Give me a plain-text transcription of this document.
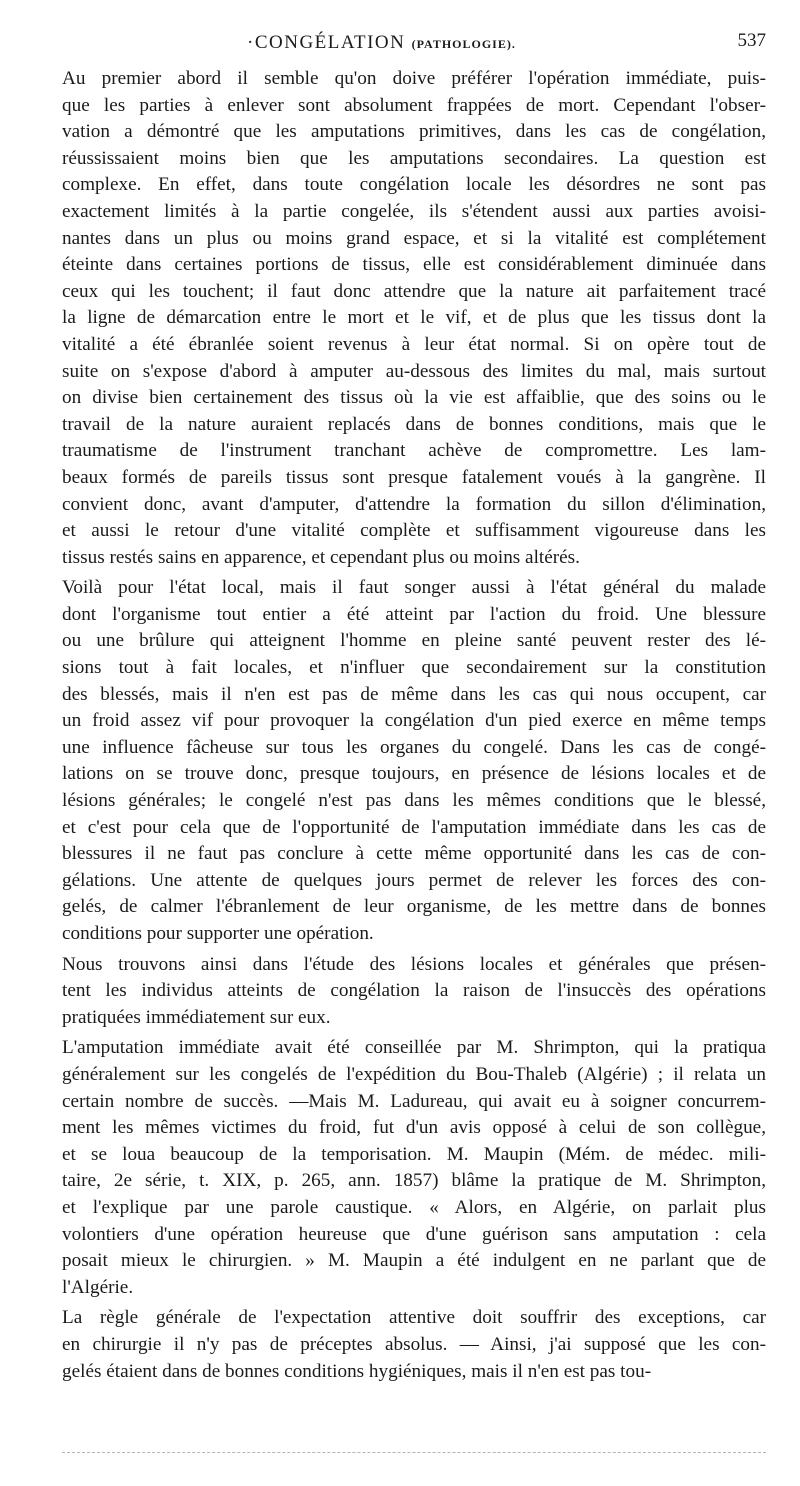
·CONGÉLATION (PATHOLOGIE).	537

Au premier abord il semble qu'on doive préférer l'opération immédiate, puis-
que les parties à enlever sont absolument frappées de mort. Cependant l'obser-
vation a démontré que les amputations primitives, dans les cas de congélation,
réussissaient moins bien que les amputations secondaires. La question est
complexe. En effet, dans toute congélation locale les désordres ne sont pas
exactement limités à la partie congelée, ils s'étendent aussi aux parties avoisi-
nantes dans un plus ou moins grand espace, et si la vitalité est complétement
éteinte dans certaines portions de tissus, elle est considérablement diminuée dans
ceux qui les touchent; il faut donc attendre que la nature ait parfaitement tracé
la ligne de démarcation entre le mort et le vif, et de plus que les tissus dont la
vitalité a été ébranlée soient revenus à leur état normal. Si on opère tout de
suite on s'expose d'abord à amputer au-dessous des limites du mal, mais surtout
on divise bien certainement des tissus où la vie est affaiblie, que des soins ou le
travail de la nature auraient replacés dans de bonnes conditions, mais que le
traumatisme de l'instrument tranchant achève de compromettre. Les lam-
beaux formés de pareils tissus sont presque fatalement voués à la gangrène. Il
convient donc, avant d'amputer, d'attendre la formation du sillon d'élimination,
et aussi le retour d'une vitalité complète et suffisamment vigoureuse dans les
tissus restés sains en apparence, et cependant plus ou moins altérés.

Voilà pour l'état local, mais il faut songer aussi à l'état général du malade
dont l'organisme tout entier a été atteint par l'action du froid. Une blessure
ou une brûlure qui atteignent l'homme en pleine santé peuvent rester des lé-
sions tout à fait locales, et n'influer que secondairement sur la constitution
des blessés, mais il n'en est pas de même dans les cas qui nous occupent, car
un froid assez vif pour provoquer la congélation d'un pied exerce en même temps
une influence fâcheuse sur tous les organes du congelé. Dans les cas de congé-
lations on se trouve donc, presque toujours, en présence de lésions locales et de
lésions générales; le congelé n'est pas dans les mêmes conditions que le blessé,
et c'est pour cela que de l'opportunité de l'amputation immédiate dans les cas de
blessures il ne faut pas conclure à cette même opportunité dans les cas de con-
gélations. Une attente de quelques jours permet de relever les forces des con-
gelés, de calmer l'ébranlement de leur organisme, de les mettre dans de bonnes
conditions pour supporter une opération.

Nous trouvons ainsi dans l'étude des lésions locales et générales que présen-
tent les individus atteints de congélation la raison de l'insuccès des opérations
pratiquées immédiatement sur eux.

L'amputation immédiate avait été conseillée par M. Shrimpton, qui la pratiqua
généralement sur les congelés de l'expédition du Bou-Thaleb (Algérie) ; il relata un
certain nombre de succès. —Mais M. Ladureau, qui avait eu à soigner concurrem-
ment les mêmes victimes du froid, fut d'un avis opposé à celui de son collègue,
et se loua beaucoup de la temporisation. M. Maupin (Mém. de médec. mili-
taire, 2e série, t. XIX, p. 265, ann. 1857) blâme la pratique de M. Shrimpton,
et l'explique par une parole caustique. « Alors, en Algérie, on parlait plus
volontiers d'une opération heureuse que d'une guérison sans amputation : cela
posait mieux le chirurgien. » M. Maupin a été indulgent en ne parlant que de
l'Algérie.

La règle générale de l'expectation attentive doit souffrir des exceptions, car
en chirurgie il n'y pas de préceptes absolus. — Ainsi, j'ai supposé que les con-
gelés étaient dans de bonnes conditions hygiéniques, mais il n'en est pas tou-
